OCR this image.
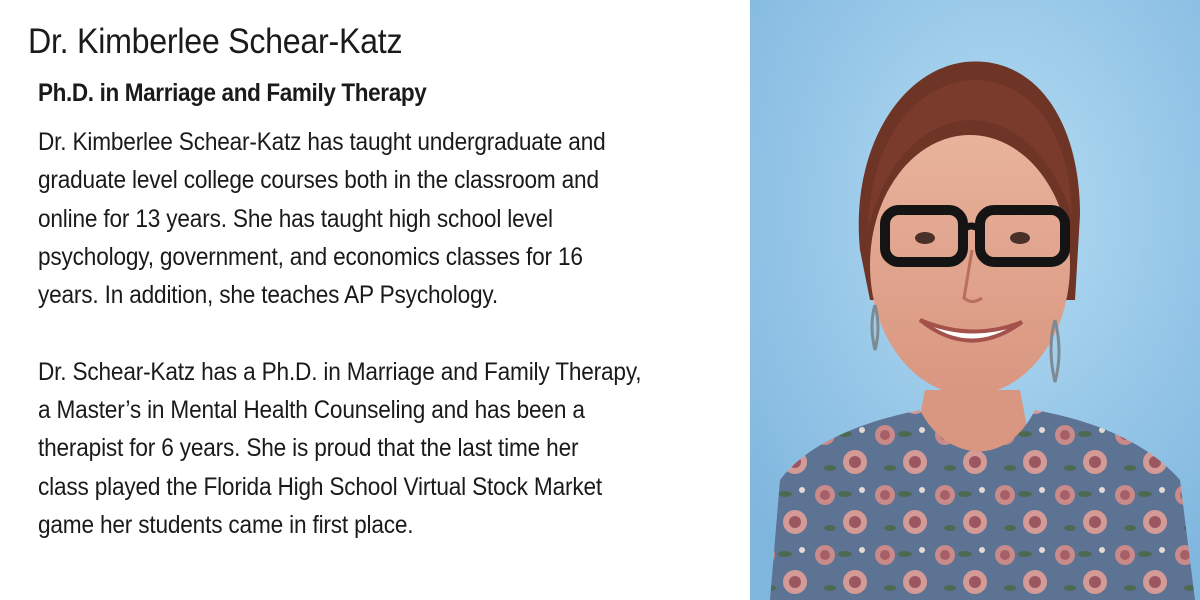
Dr. Kimberlee Schear-Katz
Ph.D. in Marriage and Family Therapy

Dr. Kimberlee Schear-Katz has taught undergraduate and
graduate level college courses both in the classroom and
online for 13 years. She has taught high school level
psychology, government, and economics classes for 16
years. In addition, she teaches AP Psychology.

Dr. Schear-Katz has a Ph.D. in Marriage and Family Therapy,
a Master’s in Mental Health Counseling and has been a
therapist for 6 years. She is proud that the last time her
class played the Florida High School Virtual Stock Market
game her students came in first place.
